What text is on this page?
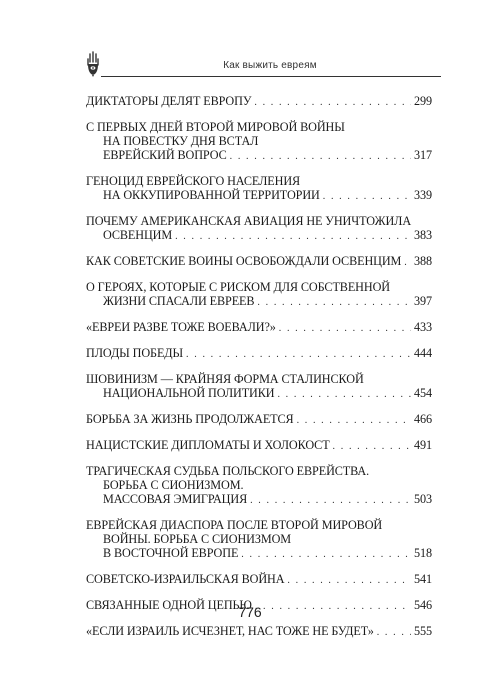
Как выжить евреям
ДИКТАТОРЫ ДЕЛЯТ ЕВРОПУ . . .	299
С ПЕРВЫХ ДНЕЙ ВТОРОЙ МИРОВОЙ ВОЙНЫ
НА ПОВЕСТКУ ДНЯ ВСТАЛ
ЕВРЕЙСКИЙ ВОПРОС . . .	317
ГЕНОЦИД ЕВРЕЙСКОГО НАСЕЛЕНИЯ
НА ОККУПИРОВАННОЙ ТЕРРИТОРИИ . . .	339
ПОЧЕМУ АМЕРИКАНСКАЯ АВИАЦИЯ НЕ УНИЧТОЖИЛА
ОСВЕНЦИМ . . .	383
КАК СОВЕТСКИЕ ВОИНЫ ОСВОБОЖДАЛИ ОСВЕНЦИМ . . . 388
О ГЕРОЯХ, КОТОРЫЕ С РИСКОМ ДЛЯ СОБСТВЕННОЙ
ЖИЗНИ СПАСАЛИ ЕВРЕЕВ . . .	397
«ЕВРЕИ РАЗВЕ ТОЖЕ ВОЕВАЛИ?» . . .	433
ПЛОДЫ ПОБЕДЫ . . .	444
ШОВИНИЗМ — КРАЙНЯЯ ФОРМА СТАЛИНСКОЙ
НАЦИОНАЛЬНОЙ ПОЛИТИКИ . . .	454
БОРЬБА ЗА ЖИЗНЬ ПРОДОЛЖАЕТСЯ . . .	466
НАЦИСТСКИЕ ДИПЛОМАТЫ И ХОЛОКОСТ . . .	491
ТРАГИЧЕСКАЯ СУДЬБА ПОЛЬСКОГО ЕВРЕЙСТВА.
БОРЬБА С СИОНИЗМОМ.
МАССОВАЯ ЭМИГРАЦИЯ . . .	503
ЕВРЕЙСКАЯ ДИАСПОРА ПОСЛЕ ВТОРОЙ МИРОВОЙ
ВОЙНЫ. БОРЬБА С СИОНИЗМОМ
В ВОСТОЧНОЙ ЕВРОПЕ . . .	518
СОВЕТСКО-ИЗРАИЛЬСКАЯ ВОЙНА . . .	541
СВЯЗАННЫЕ ОДНОЙ ЦЕПЬЮ . . .	546
«ЕСЛИ ИЗРАИЛЬ ИСЧЕЗНЕТ, НАС ТОЖЕ НЕ БУДЕТ» . . .	555
776
